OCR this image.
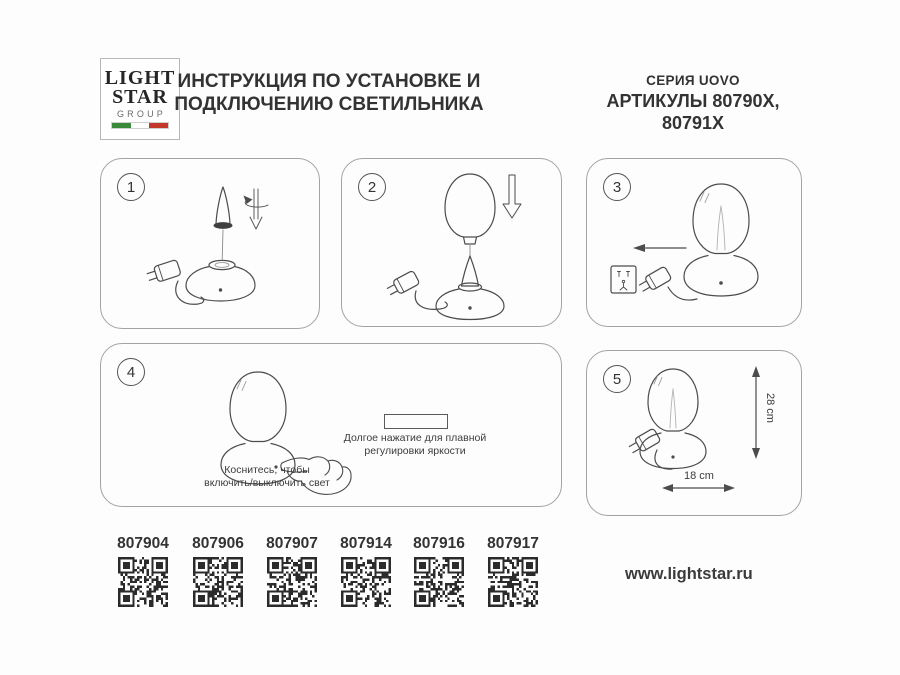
LIGHT
STAR
GROUP
ИНСТРУКЦИЯ ПО УСТАНОВКЕ И
ПОДКЛЮЧЕНИЮ СВЕТИЛЬНИКА
СЕРИЯ UOVO
АРТИКУЛЫ 80790X,
80791X
1	2	3
4
Коснитесь, чтобы
включить/выключить свет
Долгое нажатие для плавной
регулировки яркости
5
28 cm
18 cm
807904	807906	807907	807914	807916	807917
www.lightstar.ru
